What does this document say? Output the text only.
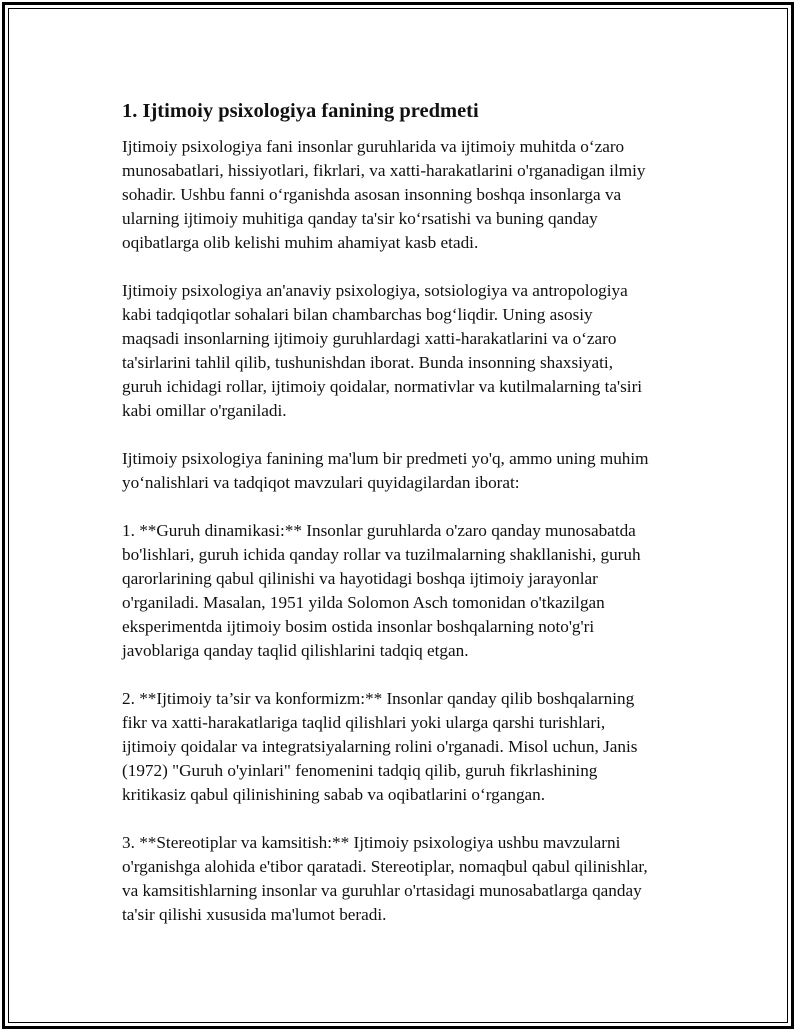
1. Ijtimoiy psixologiya fanining predmeti
Ijtimoiy psixologiya fani insonlar guruhlarida va ijtimoiy muhitda o‘zaro
munosabatlari, hissiyotlari, fikrlari, va xatti-harakatlarini o'rganadigan ilmiy
sohadir. Ushbu fanni o‘rganishda asosan insonning boshqa insonlarga va
ularning ijtimoiy muhitiga qanday ta'sir ko‘rsatishi va buning qanday
oqibatlarga olib kelishi muhim ahamiyat kasb etadi.
Ijtimoiy psixologiya an'anaviy psixologiya, sotsiologiya va antropologiya
kabi tadqiqotlar sohalari bilan chambarchas bog‘liqdir. Uning asosiy
maqsadi insonlarning ijtimoiy guruhlardagi xatti-harakatlarini va o‘zaro
ta'sirlarini tahlil qilib, tushunishdan iborat. Bunda insonning shaxsiyati,
guruh ichidagi rollar, ijtimoiy qoidalar, normativlar va kutilmalarning ta'siri
kabi omillar o'rganiladi.
Ijtimoiy psixologiya fanining ma'lum bir predmeti yo'q, ammo uning muhim
yo‘nalishlari va tadqiqot mavzulari quyidagilardan iborat:
1. **Guruh dinamikasi:** Insonlar guruhlarda o'zaro qanday munosabatda
bo'lishlari, guruh ichida qanday rollar va tuzilmalarning shakllanishi, guruh
qarorlarining qabul qilinishi va hayotidagi boshqa ijtimoiy jarayonlar
o'rganiladi. Masalan, 1951 yilda Solomon Asch tomonidan o'tkazilgan
eksperimentda ijtimoiy bosim ostida insonlar boshqalarning noto'g'ri
javoblariga qanday taqlid qilishlarini tadqiq etgan.
2. **Ijtimoiy ta’sir va konformizm:** Insonlar qanday qilib boshqalarning
fikr va xatti-harakatlariga taqlid qilishlari yoki ularga qarshi turishlari,
ijtimoiy qoidalar va integratsiyalarning rolini o'rganadi. Misol uchun, Janis
(1972) "Guruh o'yinlari" fenomenini tadqiq qilib, guruh fikrlashining
kritikasiz qabul qilinishining sabab va oqibatlarini o‘rgangan.
3. **Stereotiplar va kamsitish:** Ijtimoiy psixologiya ushbu mavzularni
o'rganishga alohida e'tibor qaratadi. Stereotiplar, nomaqbul qabul qilinishlar,
va kamsitishlarning insonlar va guruhlar o'rtasidagi munosabatlarga qanday
ta'sir qilishi xususida ma'lumot beradi.
